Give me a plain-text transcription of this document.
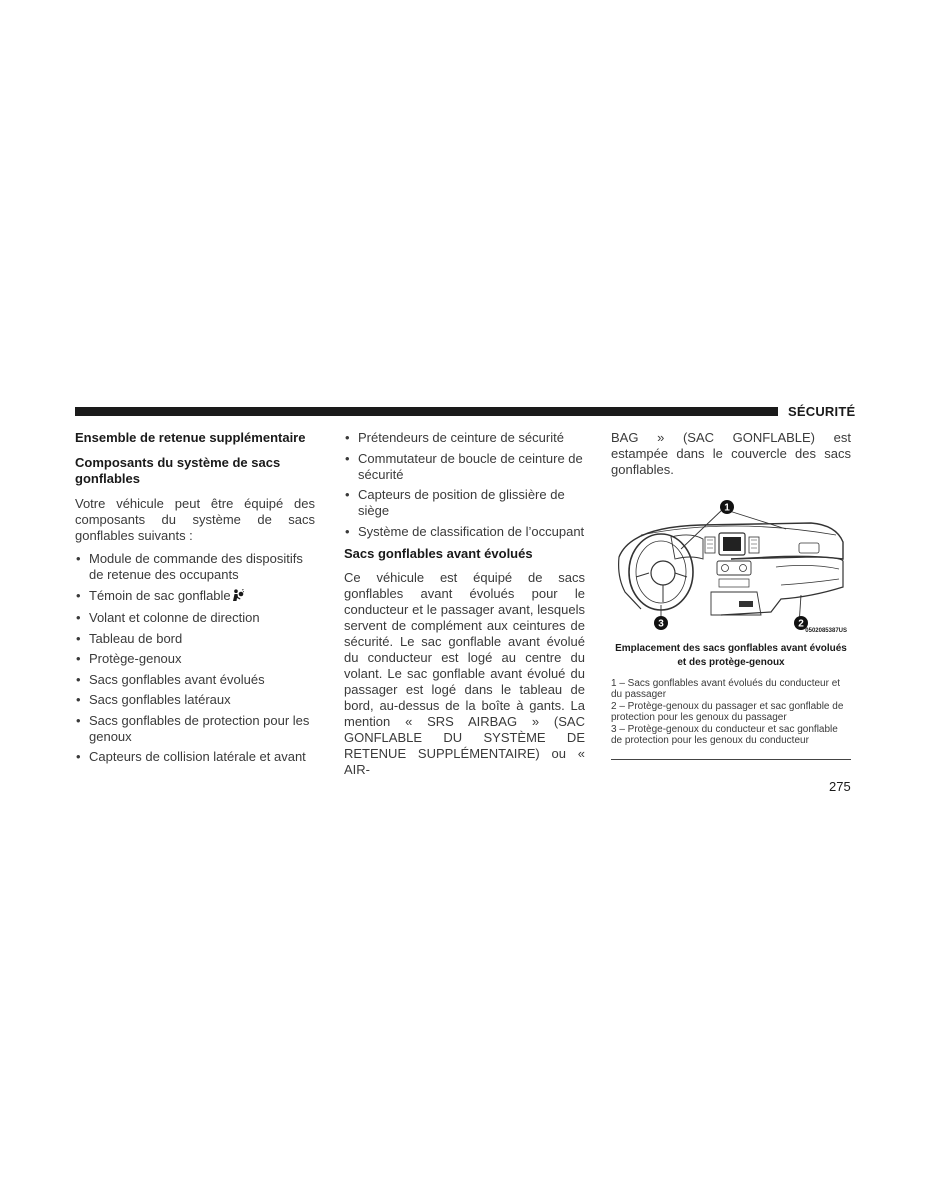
SÉCURITÉ
Ensemble de retenue supplémentaire
Composants du système de sacs gonflables

Votre véhicule peut être équipé des composants du système de sacs gonflables suivants :

• Module de commande des dispositifs de retenue des occupants
• Témoin de sac gonflable
• Volant et colonne de direction
• Tableau de bord
• Protège-genoux
• Sacs gonflables avant évolués
• Sacs gonflables latéraux
• Sacs gonflables de protection pour les genoux
• Capteurs de collision latérale et avant
• Prétendeurs de ceinture de sécurité
• Commutateur de boucle de ceinture de sécurité
• Capteurs de position de glissière de siège
• Système de classification de l’occupant
Sacs gonflables avant évolués

Ce véhicule est équipé de sacs gonflables avant évolués pour le conducteur et le passager avant, lesquels servent de complément aux ceintures de sécurité. Le sac gonflable avant évolué du conducteur est logé au centre du volant. Le sac gonflable avant évolué du passager est logé dans le tableau de bord, au-dessus de la boîte à gants. La mention « SRS AIRBAG » (SAC GONFLABLE DU SYSTÈME DE RETENUE SUPPLÉMENTAIRE) ou « AIR-

BAG » (SAC GONFLABLE) est estampée dans le couvercle des sacs gonflables.

1
2
3
0502085387US
Emplacement des sacs gonflables avant évolués et des protège-genoux
1 – Sacs gonflables avant évolués du conducteur et du passager
2 – Protège-genoux du passager et sac gonflable de protection pour les genoux du passager
3 – Protège-genoux du conducteur et sac gonflable de protection pour les genoux du conducteur
275
